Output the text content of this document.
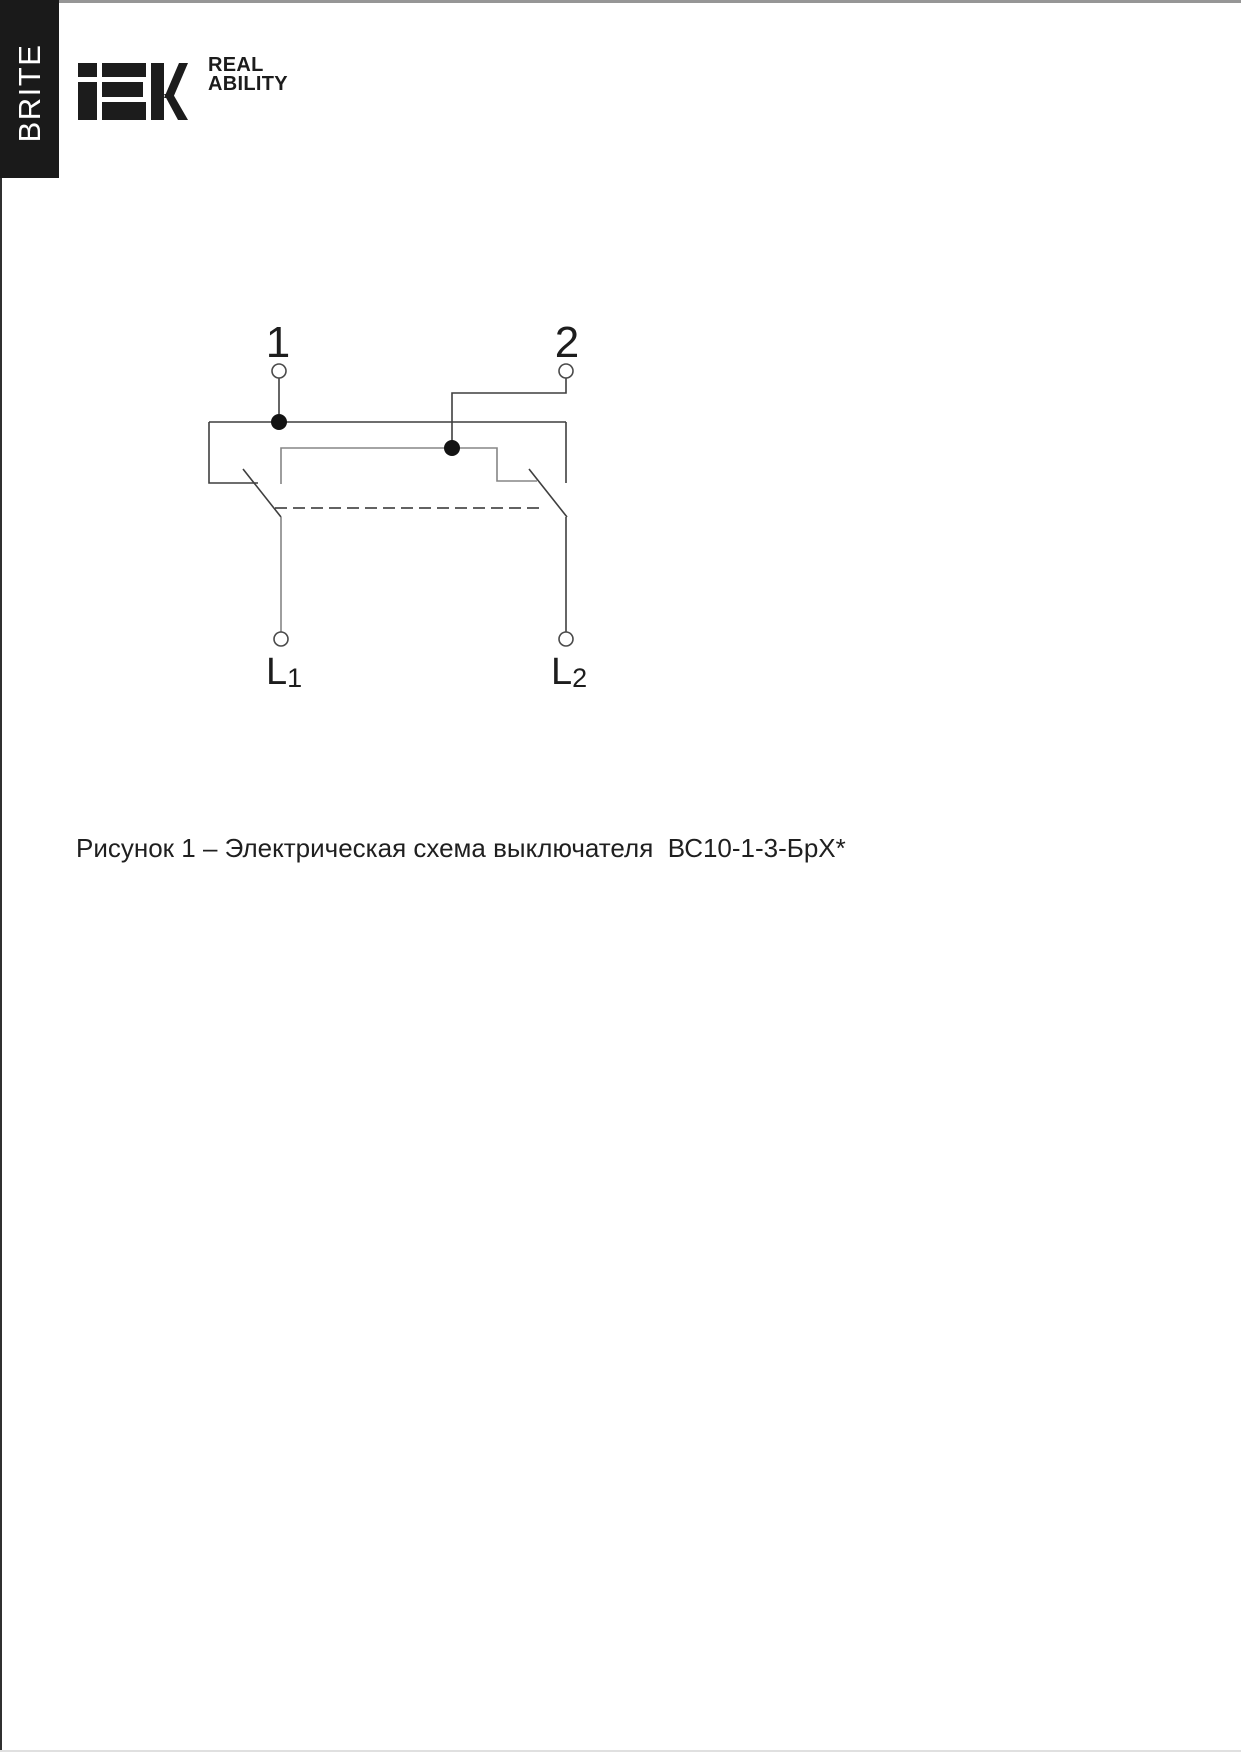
BRITE	REAL
ABILITY
1	2
L1	L2
Рисунок 1 – Электрическая схема выключателя  ВС10-1-3-БрХ*
